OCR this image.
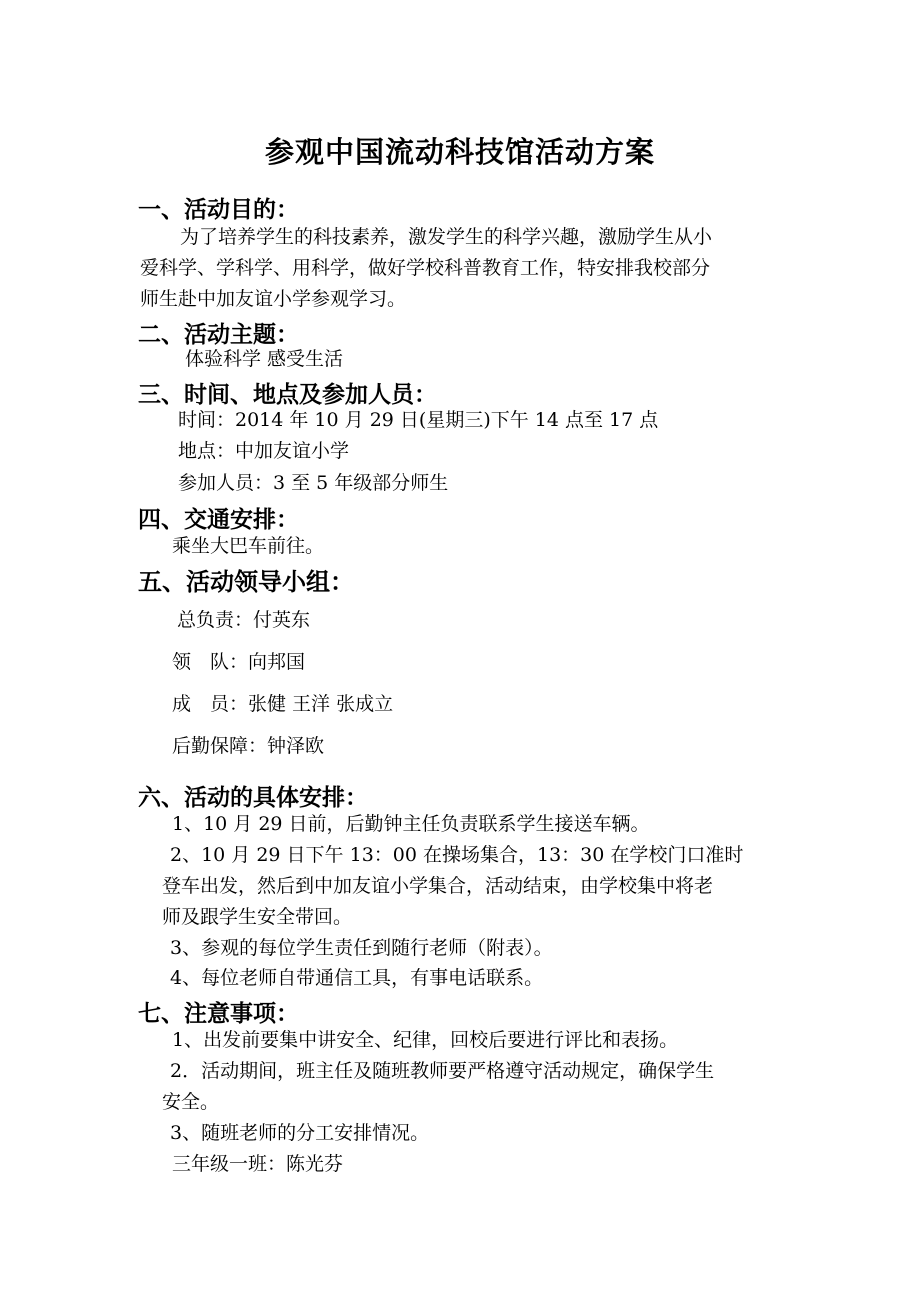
参观中国流动科技馆活动方案
一、活动目的：
为了培养学生的科技素养，激发学生的科学兴趣，激励学生从小
爱科学、学科学、用科学，做好学校科普教育工作，特安排我校部分
师生赴中加友谊小学参观学习。
二、活动主题：
体验科学 感受生活
三、时间、地点及参加人员：
时间：2014 年 10 月 29 日(星期三)下午 14 点至 17 点
地点：中加友谊小学
参加人员：3 至 5 年级部分师生
四、交通安排：
乘坐大巴车前往。
五、活动领导小组：
总负责：付英东
领　队：向邦国
成　员：张健 王洋 张成立
后勤保障：钟泽欧
六、活动的具体安排：
1、10 月 29 日前，后勤钟主任负责联系学生接送车辆。
2、10 月 29 日下午 13：00 在操场集合，13：30 在学校门口准时
登车出发，然后到中加友谊小学集合，活动结束，由学校集中将老
师及跟学生安全带回。
3、参观的每位学生责任到随行老师（附表）。
4、每位老师自带通信工具，有事电话联系。
七、注意事项：
1、出发前要集中讲安全、纪律，回校后要进行评比和表扬。
2．活动期间，班主任及随班教师要严格遵守活动规定，确保学生
安全。
3、随班老师的分工安排情况。
三年级一班：陈光芬
